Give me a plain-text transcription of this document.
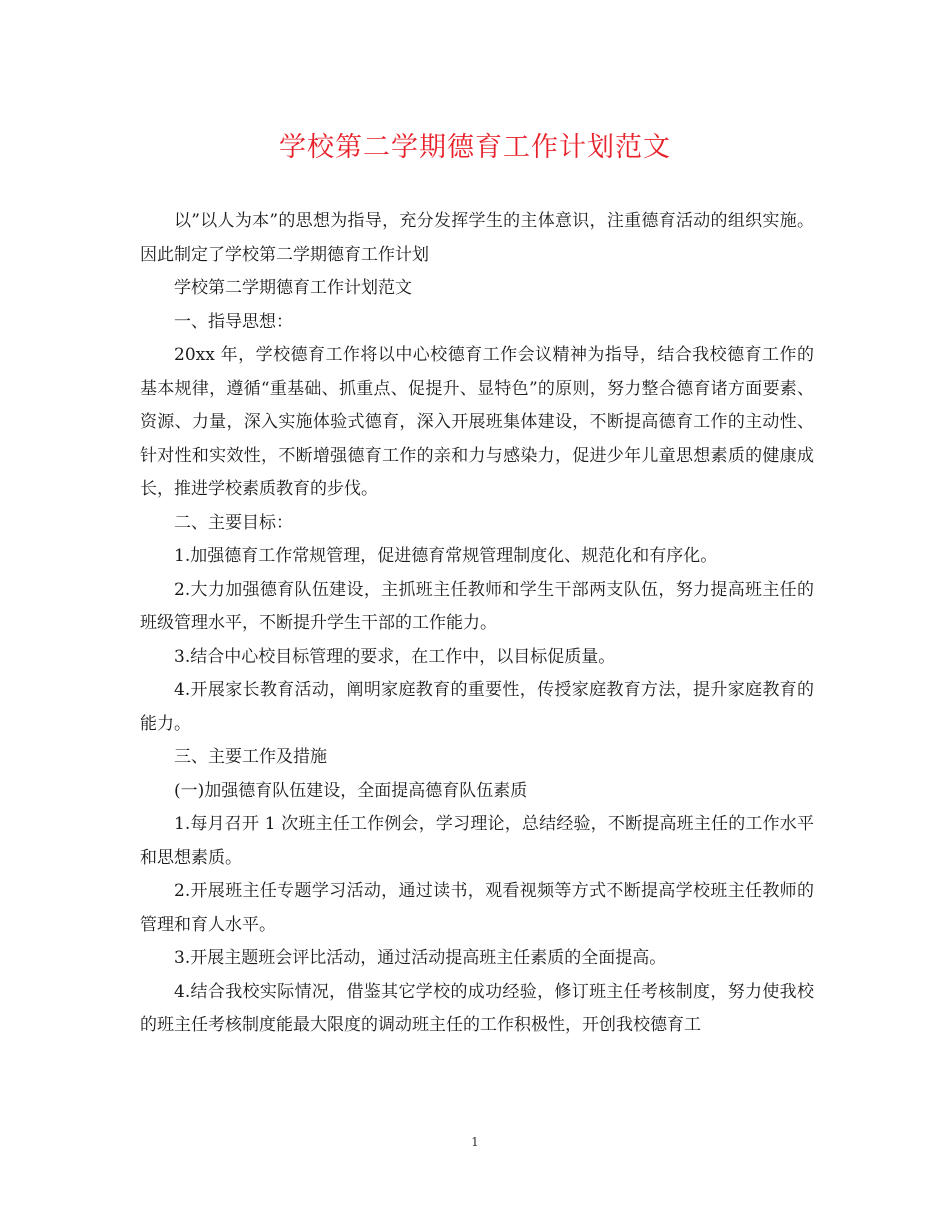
学校第二学期德育工作计划范文

以”以人为本”的思想为指导，充分发挥学生的主体意识，注重德育活动的组织实施。因此制定了学校第二学期德育工作计划

学校第二学期德育工作计划范文

一、指导思想：

20xx 年，学校德育工作将以中心校德育工作会议精神为指导，结合我校德育工作的基本规律，遵循“重基础、抓重点、促提升、显特色”的原则，努力整合德育诸方面要素、资源、力量，深入实施体验式德育，深入开展班集体建设，不断提高德育工作的主动性、针对性和实效性，不断增强德育工作的亲和力与感染力，促进少年儿童思想素质的健康成长，推进学校素质教育的步伐。

二、主要目标：

1.加强德育工作常规管理，促进德育常规管理制度化、规范化和有序化。

2.大力加强德育队伍建设，主抓班主任教师和学生干部两支队伍，努力提高班主任的班级管理水平，不断提升学生干部的工作能力。

3.结合中心校目标管理的要求，在工作中，以目标促质量。

4.开展家长教育活动，阐明家庭教育的重要性，传授家庭教育方法，提升家庭教育的能力。

三、主要工作及措施

(一)加强德育队伍建设，全面提高德育队伍素质

1.每月召开 1 次班主任工作例会，学习理论，总结经验，不断提高班主任的工作水平和思想素质。

2.开展班主任专题学习活动，通过读书，观看视频等方式不断提高学校班主任教师的管理和育人水平。

3.开展主题班会评比活动，通过活动提高班主任素质的全面提高。

4.结合我校实际情况，借鉴其它学校的成功经验，修订班主任考核制度，努力使我校的班主任考核制度能最大限度的调动班主任的工作积极性，开创我校德育工

1
